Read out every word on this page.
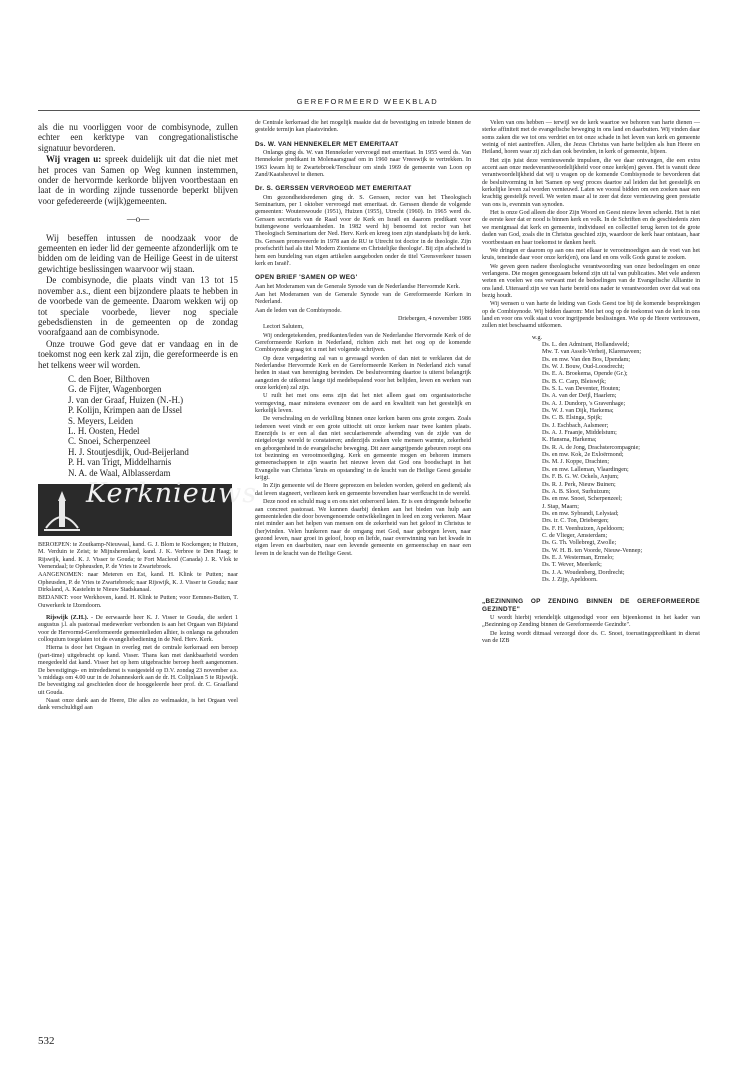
GEREFORMEERD WEEKBLAD

als die nu voorliggen voor de combisynode, zullen echter een kerktype van congregationalistische signatuur bevorderen.

Wij vragen u: spreek duidelijk uit dat die niet met het proces van Samen op Weg kunnen instemmen, onder de hervormde kerkorde blijven voortbestaan en laat de in wording zijnde tussenorde beperkt blijven voor gefedereerde (wijk)gemeenten.

—o—

Wij beseffen intussen de noodzaak voor de gemeenten en ieder lid der gemeente afzonderlijk om te bidden om de leiding van de Heilige Geest in de uiterst gewichtige beslissingen waarvoor wij staan.

De combisynode, die plaats vindt van 13 tot 15 november a.s., dient een bijzondere plaats te hebben in de voorbede van de gemeente. Daarom wekken wij op tot speciale voorbede, liever nog speciale gebedsdiensten in de gemeenten op de zondag voorafgaand aan de combisynode.

Onze trouwe God geve dat er vandaag en in de toekomst nog een kerk zal zijn, die gereformeerde is en het telkens weer wil worden.

C. den Boer, Bilthoven
G. de Fijter, Wagenborgen
J. van der Graaf, Huizen (N.-H.)
P. Kolijn, Krimpen aan de IJssel
S. Meyers, Leiden
L. H. Oosten, Hedel
C. Snoei, Scherpenzeel
H. J. Stoutjesdijk, Oud-Beijerland
P. H. van Trigt, Middelharnis
N. A. de Waal, Alblasserdam
Kerknieuws

BEROEPEN: te Zoutkamp-Nieuwaal, kand. G. J. Blom te Kockengen; te Huizen, M. Verduin te Zeist; te Mijnsherenland, kand. J. K. Verbree te Den Haag; te Rijswijk, kand. K. J. Visser te Gouda; te Fort Macleod (Canada) J. R. Vlok te Veenendaal; te Opheusden, P. de Vries te Zwartebroek.

AANGENOMEN: naar Meteren en Est, kand. H. Klink te Putten; naar Opheusden, P. de Vries te Zwartebroek; naar Rijswijk, K. J. Visser te Gouda; naar Dirksland, A. Kastelein te Nieuw Stadskanaal.

BEDANKT: voor Werkhoven, kand. H. Klink te Putten; voor Eemnes-Buiten, T. Ouwerkerk te IJzendoorn.

Rijswijk (Z.H.). - De eerwaarde heer K. J. Visser te Gouda, die sedert 1 augustus j.l. als pastoraal medewerker verbonden is aan het Orgaan van Bijstand voor de Hervormd-Gereformeerde gemeentelieden alhier, is onlangs na gehouden colloquium toegelaten tot de evangeliebediening in de Ned. Herv. Kerk.

Hierna is door het Orgaan in overleg met de centrale kerkeraad een beroep (part-time) uitgebracht op kand. Visser. Thans kan met dankbaarheid worden meegedeeld dat kand. Visser het op hem uitgebrachte beroep heeft aangenomen. De bevestigings- en intrededienst is vastgesteld op D.V. zondag 23 november a.s. 's middags om 4.00 uur in de Johanneskerk aan de dr. H. Colijnlaan 5 te Rijswijk. De bevestiging zal geschieden door de hooggeleerde heer prof. dr. C. Graafland uit Gouda.

Naast onze dank aan de Heere, Die alles zo welmaakte, is het Orgaan veel dank verschuldigd aan

de Centrale kerkeraad die het mogelijk maakte dat de bevestiging en intrede binnen de gestelde termijn kan plaatsvinden.

Ds. W. VAN HENNEKELER MET EMERITAAT

Onlangs ging ds. W. van Hennekeler vervroegd met emeritaat. In 1955 werd ds. Van Hennekeler predikant in Molenaarsgraaf om in 1960 naar Vreeswijk te vertrekken. In 1963 kwam hij te Zwartebroek/Terschuur om sinds 1969 de gemeente van Loon op Zand/Kaatsheuvel te dienen.

Dr. S. GERSSEN VERVROEGD MET EMERITAAT

Om gezondheidsredenen ging dr. S. Gerssen, rector van het Theologisch Seminarium, per 1 oktober vervroegd met emeritaat. dr. Gerssen diende de volgende gemeenten: Wouterswoude (1951), Huizen (1955), Utrecht (1960). In 1965 werd ds. Gerssen secretaris van de Raad voor de Kerk en Israël en daarom predikant voor buitengewone werkzaamheden. In 1982 werd hij benoemd tot rector van het Theologisch Seminarium der Ned. Herv. Kerk en kreeg toen zijn standplaats bij de kerk. Ds. Gerssen promoveerde in 1978 aan de RU te Utrecht tot doctor in de theologie. Zijn proefschrift had als titel 'Modern Zionisme en Christelijke theologie'. Bij zijn afscheid is hem een bundeling van eigen artikelen aangeboden onder de titel 'Grensverkeer tussen kerk en Israël'.

OPEN BRIEF 'SAMEN OP WEG'

Aan het Moderamen van de Generale Synode van de Nederlandse Hervormde Kerk.

Aan het Moderamen van de Generale Synode van de Gereformeerde Kerken in Nederland.

Aan de leden van de Combisynode.

Driebergen, 4 november 1986

Lectori Salutem,

Wij ondergetekenden, predikanten/leden van de Nederlandse Hervormde Kerk of de Gereformeerde Kerken in Nederland, richten zich met het oog op de komende Combisynode graag tot u met het volgende schrijven.

Op deze vergadering zal van u gevraagd worden of dan niet te verklaren dat de Nederlandse Hervormde Kerk en de Gereformeerde Kerken in Nederland zich vanaf heden in staat van hereniging bevinden. De beslutvorming daartoe is uiterst belangrijk aangezien de uitkomst lange tijd medebepalend voor het belijden, leven en werken van onze kerk(en) zal zijn.

U ruilt het met ons eens zijn dat het niet alleen gaat om organisatorische vormgeving, maar minstens evenzeer om de aard en kwaliteit van het geestelijk en kerkelijk leven.

De verschraling en de verkilling binnen onze kerken baren ons grote zorgen. Zoals iedereen weet vindt er een grote uittocht uit onze kerken naar twee kanten plaats. Enerzijds is er een al dan niet seculariserende afwending van de zijde van de nietgelovige wereld te constateren; anderzijds zoeken vele mensen warmte, zekerheid en geborgenheid in de evangelische beweging. Dit zeer aangrijpende gebeuren roept ons tot bezinning en verootmoediging. Kerk en gemeente mogen en behoren immers gemeenschappen te zijn waarin het nieuwe leven dat God ons boodschapt in het Evangelie van Christus 'kruis en opstanding' in de kracht van de Heilige Geest gestalte krijgt.

In Zijn gemeente wil de Heere gepreezen en beleden worden, geëerd en gediend; als dat leven stagneert, verliezen kerk en gemeente bovendien haar werfkracht in de wereld.

Deze nood en schuld mag u en ons niet onberoerd laten. Er is een dringende behoefte aan concreet pastoraat. We kunnen daarbij denken aan het bieden van hulp aan gemeenteleden die door bovengenoemde ontwikkelingen in leed en zorg verkeren. Maar niet minder aan het helpen van mensen om de zekerheid van het geloof in Christus te (her)vinden. Velen hunkeren naar de omgang met God, naar geborgen leven, naar gezond leven, naar groei in geloof, hoop en liefde, naar overwinning van het kwade in eigen leven en daarbuiten, naar een levende gemeente en gemeenschap en naar een leven in de kracht van de Heilige Geest.

Velen van ons hebben — terwijl we de kerk waartoe we behoren van harte dienen — sterke affiniteit met de evangelische beweging in ons land en daarbuiten. Wij vinden daar soms zaken die we tot ons verdriet en tot onze schade in het leven van kerk en gemeente weinig of niet aantreffen. Allen, die Jezus Christus van harte belijden als hun Heere en Heiland, horen waar zij zich dan ook bevinden, in kerk of gemeente, bijeen.

Het zijn juist deze vernieuwende impulsen, die we daar ontvangen, die een extra accent aan onze medeverantwoordelijkheid voor onze kerk(en) geven. Het is vanuit deze verantwoordelijkheid dat wij u vragen op de komende Combisynode te bevorderen dat de besluitvorming in het 'Samen op weg' proces daartoe zal leiden dat het geestelijk en kerkelijke leven zal worden vernieuwd. Laten we vooral bidden om een zoeken naar een krachtig geestelijk reveil. We weten maar al te zeer dat deze vernieuwing geen prestatie van ons is, evenmin van synoden.

Het is onze God alleen die door Zijn Woord en Geest nieuw leven schenkt. Het is niet de eerste keer dat er nood is binnen kerk en volk. In de Schriften en de geschiedenis zien we menigmaal dat kerk en gemeente, individueel en collectief terug keren tot de grote daden van God, zoals die in Christus geschied zijn, waardoor de kerk haar ontstaan, haar voortbestaan en haar toekomst te danken heeft.

We dringen er daarom op aan ons met elkaar te verootmoedigen aan de voet van het kruis, teneinde daar voor onze kerk(en), ons land en ons volk Gods gunst te zoeken.

We geven geen nadere theologische verantwoording van onze bedoelingen en onze verlangens. Die mogen genoegzaam bekend zijn uit tal van publicaties. Met vele anderen weten en voelen we ons verwant met de bedoelingen van de Evangelische Alliantie in ons land. Uiteraard zijn we van harte bereid ons nader te verantwoorden over dat wat ons bezig houdt.

Wij wensen u van harte de leiding van Gods Geest toe bij de komende besprekingen op de Combisynode. Wij bidden daarom: Met het oog op de toekomst van de kerk in ons land en voor ons volk staat u voor ingrijpende beslissingen. Wie op de Heere vertrouwen, zullen niet beschaamd uitkomen.

w.g.
Ds. L. den Admirant, Hollandsveld;
Mw. T. van Asselt-Verheij, Klarenaveen;
Ds. en mw. Van den Bos, IJpendam;
Ds. W. J. Bouw, Oud-Loosdrecht;
Ds. E. A. Broekema, Opende (Gr.);
Ds. B. C. Carp, Bleiswijk;
Ds. S. L. van Deventer, Houten;
Ds. A. van der Deijl, Haarlem;
Ds. A. J. Dundorp, 's Gravenhage;
Ds. W. J. van Dijk, Harkema;
Ds. C. B. Elsinga, Spijk;
Ds. J. Eschbach, Aalsmeer;
Ds. A. J. Fraanje, Middelstum;
K. Hansma, Harkema;
Ds. R. A. de Jong, Drachstercompagnie;
Ds. en mw. Kok, 2e Exloërmond;
Ds. M. J. Koppe, Drachten;
Ds. en mw. Lalleman, Vlaardingen;
Ds. F. B. G. W. Ockels, Anjum;
Ds. R. J. Perk, Nieuw Buinen;
Ds. A. B. Sloot, Surhuizum;
Ds. en mw. Snoei, Scherpenzeel;
J. Stap, Maarn;
Ds. en mw. Sybrandi, Lelystad;
Drs. ir. C. Ton, Driebergen;
Ds. F. H. Veenhuizen, Apeldoorn;
C. de Vlieger, Amsterdam;
Ds. G. Th. Vollebregt, Zwolle;
Ds. W. H. B. ten Voorde, Nieuw-Vennep;
Ds. E. J. Westerman, Ermelo;
Ds. T. Wever, Meerkerk;
Ds. J. A. Woudenberg, Dordrecht;
Ds. J. Zijp, Apeldoorn.
„BEZINNING OP ZENDING BINNEN DE GEREFORMEERDE GEZINDTE"

U wordt hierbij vriendelijk uitgenodigd voor een bijeenkomst in het kader van „Bezinning op Zending binnen de Gereformeerde Gezindte".

De lezing wordt ditmaal verzorgd door ds. C. Snoei, toerustingspredikant in dienst van de IZB

532
